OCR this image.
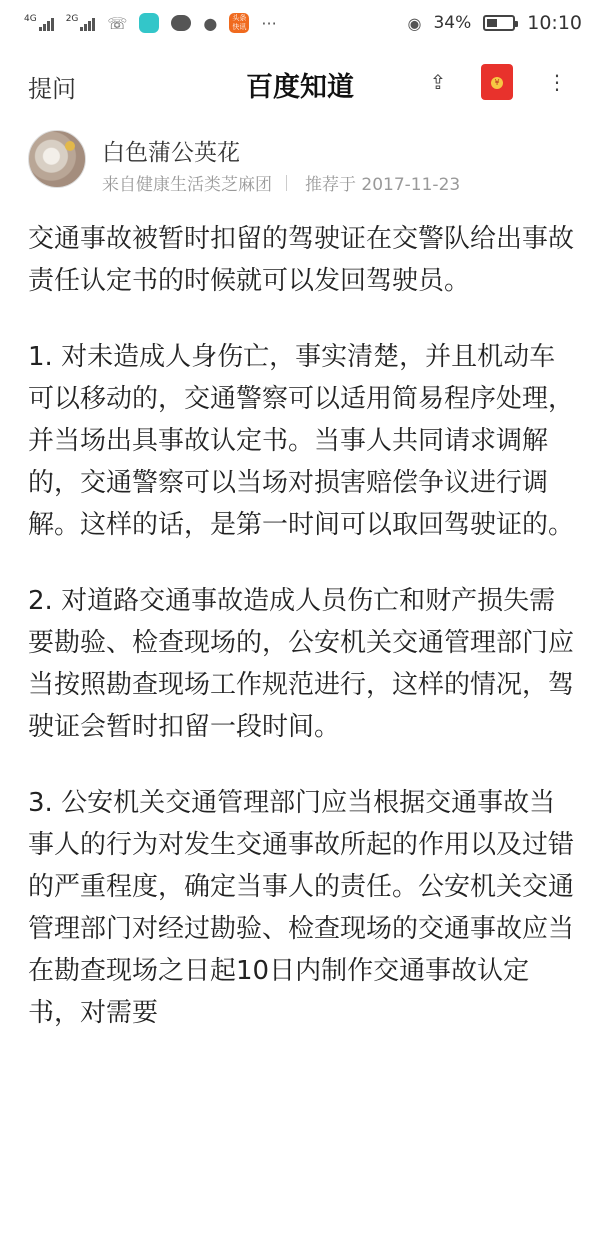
4G	2G ☏	●	头条快讯 ···	◉ 34%	10:10
提问	百度知道	⇪	¥ ⋮
白色蒲公英花
来自健康生活类芝麻团 推荐于 2017-11-23

交通事故被暂时扣留的驾驶证在交警队给出事故责任认定书的时候就可以发回驾驶员。

1. 对未造成人身伤亡，事实清楚，并且机动车可以移动的，交通警察可以适用简易程序处理，并当场出具事故认定书。当事人共同请求调解的，交通警察可以当场对损害赔偿争议进行调解。这样的话，是第一时间可以取回驾驶证的。

2. 对道路交通事故造成人员伤亡和财产损失需要勘验、检查现场的，公安机关交通管理部门应当按照勘查现场工作规范进行，这样的情况，驾驶证会暂时扣留一段时间。

3. 公安机关交通管理部门应当根据交通事故当事人的行为对发生交通事故所起的作用以及过错的严重程度，确定当事人的责任。公安机关交通管理部门对经过勘验、检查现场的交通事故应当在勘查现场之日起10日内制作交通事故认定书，对需要
